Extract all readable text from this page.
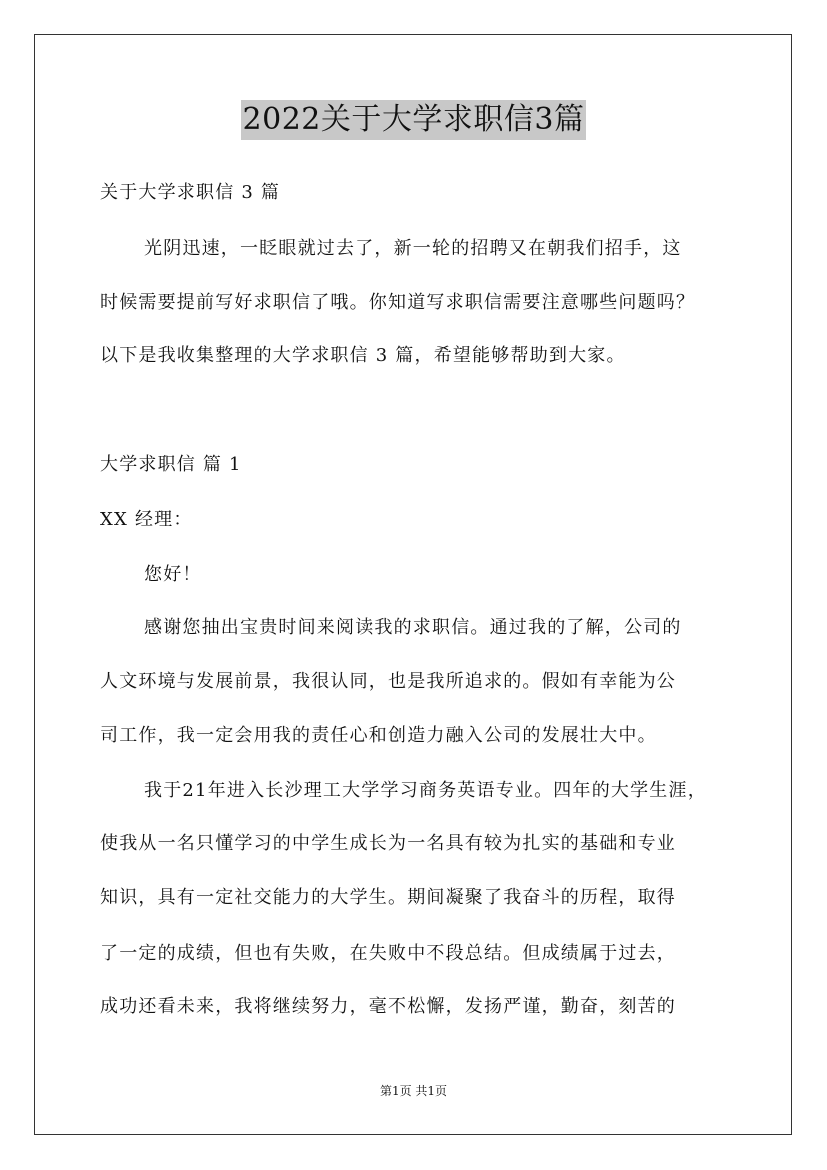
2022关于大学求职信3篇
关于大学求职信 3 篇
光阴迅速，一眨眼就过去了，新一轮的招聘又在朝我们招手，这
时候需要提前写好求职信了哦。你知道写求职信需要注意哪些问题吗？
以下是我收集整理的大学求职信 3 篇，希望能够帮助到大家。
大学求职信 篇 1
XX 经理：
您好！
感谢您抽出宝贵时间来阅读我的求职信。通过我的了解，公司的
人文环境与发展前景，我很认同，也是我所追求的。假如有幸能为公
司工作，我一定会用我的责任心和创造力融入公司的发展壮大中。
我于21年进入长沙理工大学学习商务英语专业。四年的大学生涯，
使我从一名只懂学习的中学生成长为一名具有较为扎实的基础和专业
知识，具有一定社交能力的大学生。期间凝聚了我奋斗的历程，取得
了一定的成绩，但也有失败，在失败中不段总结。但成绩属于过去，
成功还看未来，我将继续努力，毫不松懈，发扬严谨，勤奋，刻苦的
第1页 共1页
